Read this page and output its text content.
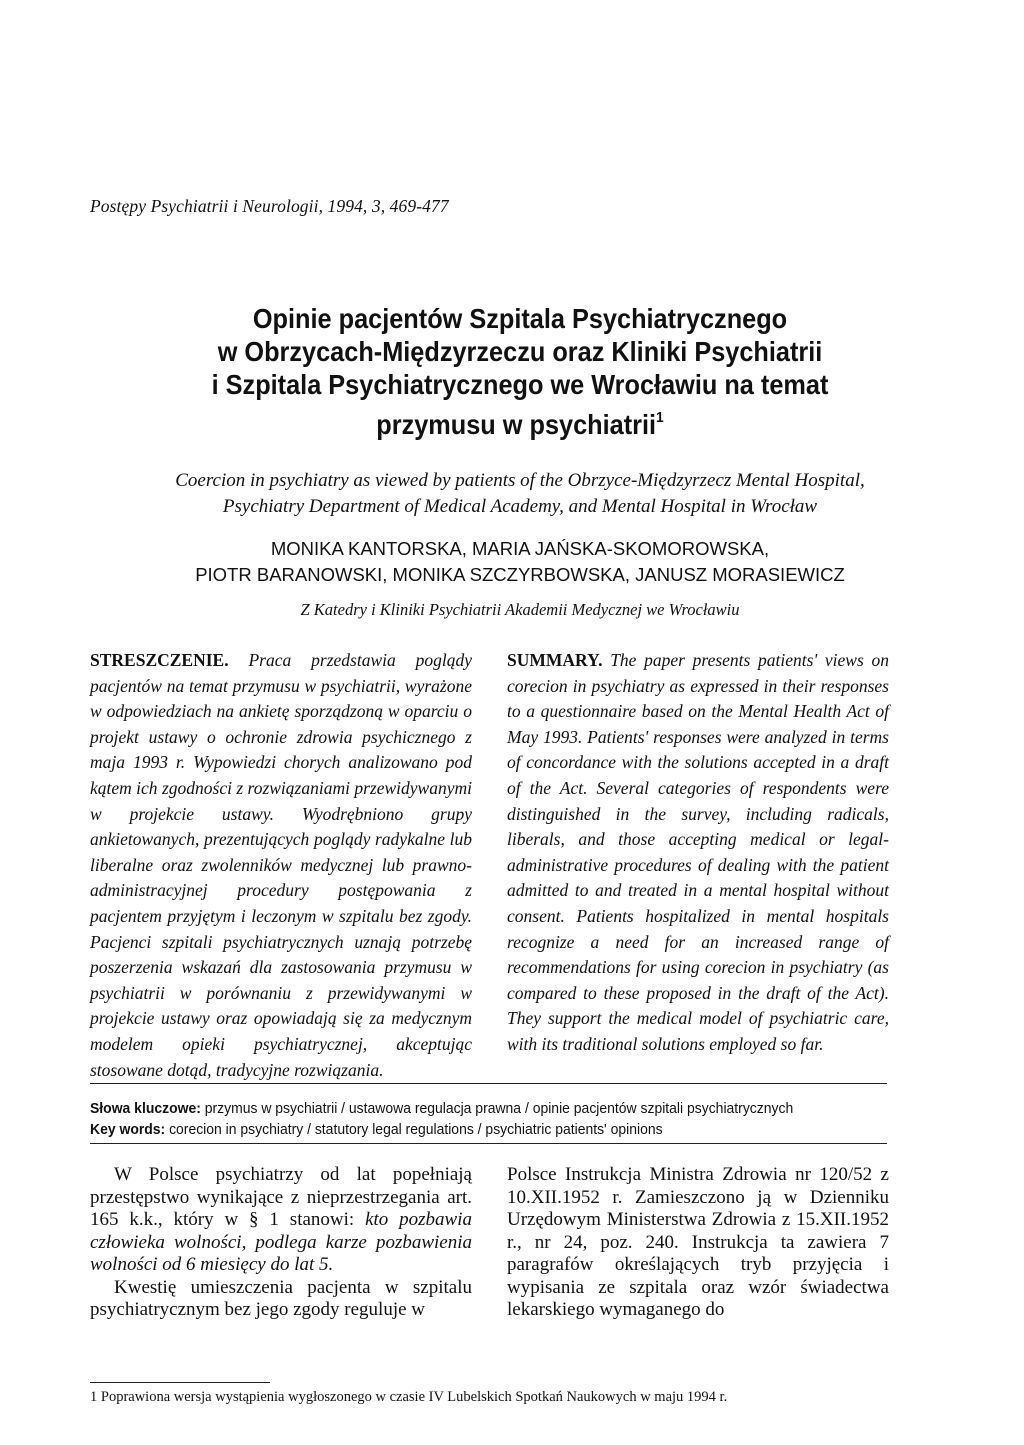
Postępy Psychiatrii i Neurologii, 1994, 3, 469-477
Opinie pacjentów Szpitala Psychiatrycznego
w Obrzycach-Międzyrzeczu oraz Kliniki Psychiatrii
i Szpitala Psychiatrycznego we Wrocławiu na temat
przymusu w psychiatrii$^1$
Coercion in psychiatry as viewed by patients of the Obrzyce-Międzyrzecz Mental Hospital,
Psychiatry Department of Medical Academy, and Mental Hospital in Wrocław
MONIKA KANTORSKA, MARIA JAŃSKA-SKOMOROWSKA,
PIOTR BARANOWSKI, MONIKA SZCZYRBOWSKA, JANUSZ MORASIEWICZ
Z Katedry i Kliniki Psychiatrii Akademii Medycznej we Wrocławiu
STRESZCZENIE. Praca przedstawia poglądy pacjentów na temat przymusu w psychiatrii, wyrażone w odpowiedziach na ankietę sporządzoną w oparciu o projekt ustawy o ochronie zdrowia psychicznego z maja 1993 r. Wypowiedzi chorych analizowano pod kątem ich zgodności z rozwiązaniami przewidywanymi w projekcie ustawy. Wyodrębniono grupy ankietowanych, prezentujących poglądy radykalne lub liberalne oraz zwolenników medycznej lub prawno-administracyjnej procedury postępowania z pacjentem przyjętym i leczonym w szpitalu bez zgody. Pacjenci szpitali psychiatrycznych uznają potrzebę poszerzenia wskazań dla zastosowania przymusu w psychiatrii w porównaniu z przewidywanymi w projekcie ustawy oraz opowiadają się za medycznym modelem opieki psychiatrycznej, akceptując stosowane dotąd, tradycyjne rozwiązania.
SUMMARY. The paper presents patients' views on corecion in psychiatry as expressed in their responses to a questionnaire based on the Mental Health Act of May 1993. Patients' responses were analyzed in terms of concordance with the solutions accepted in a draft of the Act. Several categories of respondents were distinguished in the survey, including radicals, liberals, and those accepting medical or legal-administrative procedures of dealing with the patient admitted to and treated in a mental hospital without consent. Patients hospitalized in mental hospitals recognize a need for an increased range of recommendations for using corecion in psychiatry (as compared to these proposed in the draft of the Act). They support the medical model of psychiatric care, with its traditional solutions employed so far.
Słowa kluczowe: przymus w psychiatrii / ustawowa regulacja prawna / opinie pacjentów szpitali psychiatrycznych
Key words: corecion in psychiatry / statutory legal regulations / psychiatric patients' opinions

W Polsce psychiatrzy od lat popełniają przestępstwo wynikające z nieprzestrzegania art. 165 k.k., który w § 1 stanowi: kto pozbawia człowieka wolności, podlega karze pozbawienia wolności od 6 miesięcy do lat 5.

Kwestię umieszczenia pacjenta w szpitalu psychiatrycznym bez jego zgody reguluje w

Polsce Instrukcja Ministra Zdrowia nr 120/52 z 10.XII.1952 r. Zamieszczono ją w Dzienniku Urzędowym Ministerstwa Zdrowia z 15.XII.1952 r., nr 24, poz. 240. Instrukcja ta zawiera 7 paragrafów określających tryb przyjęcia i wypisania ze szpitala oraz wzór świadectwa lekarskiego wymaganego do

1 Poprawiona wersja wystąpienia wygłoszonego w czasie IV Lubelskich Spotkań Naukowych w maju 1994 r.
